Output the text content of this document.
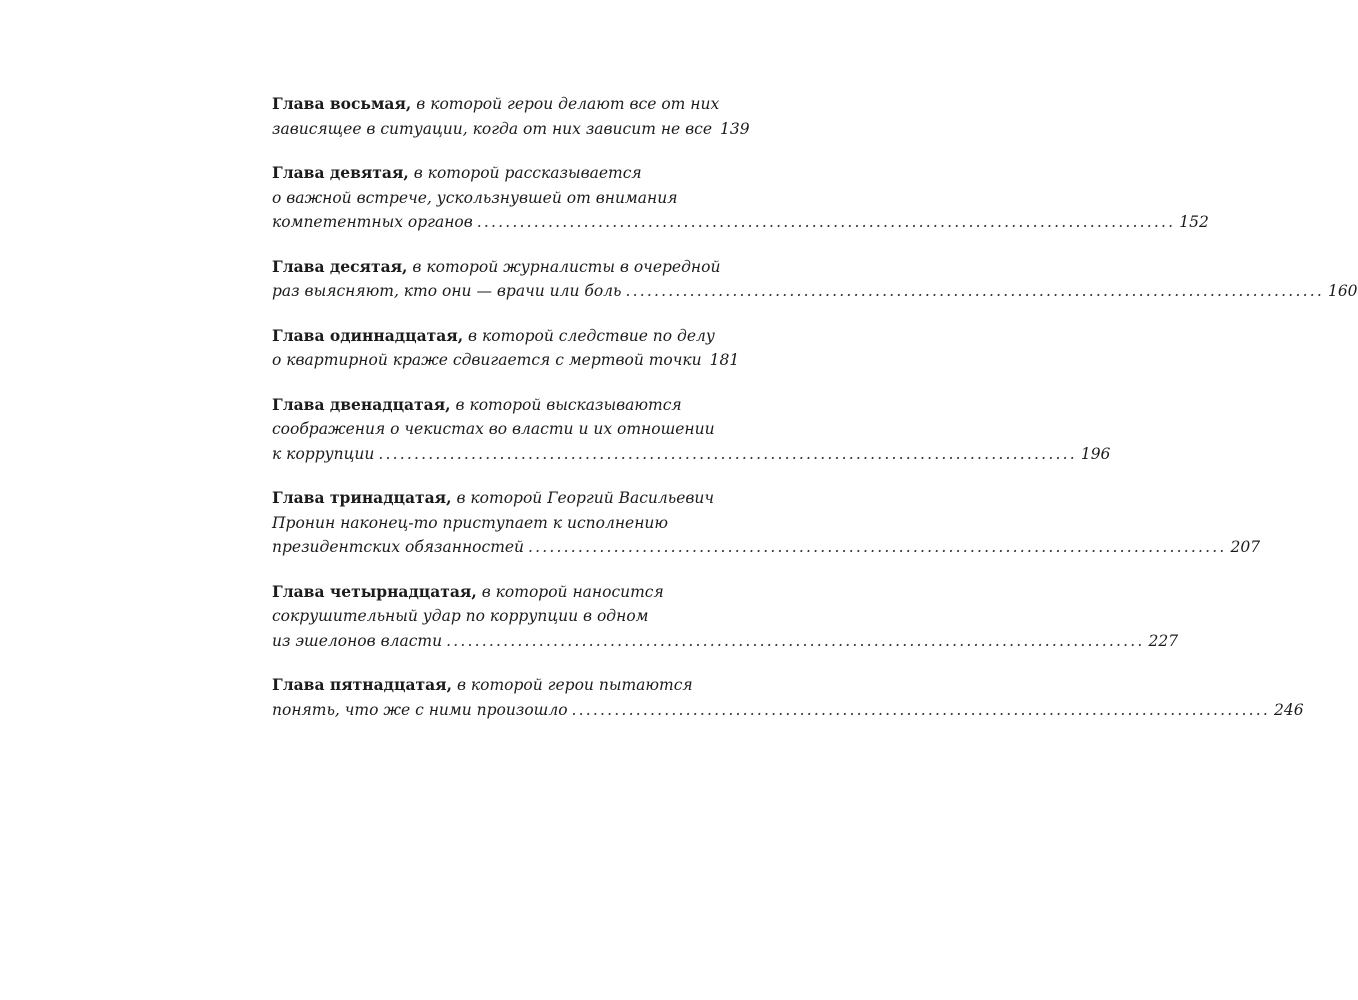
Глава восьмая,
в которой герои делают все от них
зависящее в ситуации, когда от них зависит не все 139
Глава девятая,
в которой рассказывается
о важной встрече, ускользнувшей от внимания
компетентных органов .................................................................................................. 152
Глава десятая,
в которой журналисты в очередной
раз выясняют, кто они — врачи или боль .................................................................................................. 160
Глава одиннадцатая,
в которой следствие по делу
о квартирной краже сдвигается с мертвой точки 181
Глава двенадцатая,
в которой высказываются
соображения о чекистах во власти и их отношении
к коррупции .................................................................................................. 196
Глава тринадцатая,
в которой Георгий Васильевич
Пронин наконец-то приступает к исполнению
президентских обязанностей .................................................................................................. 207
Глава четырнадцатая,
в которой наносится
сокрушительный удар по коррупции в одном
из эшелонов власти .................................................................................................. 227
Глава пятнадцатая,
в которой герои пытаются
понять, что же с ними произошло .................................................................................................. 246
